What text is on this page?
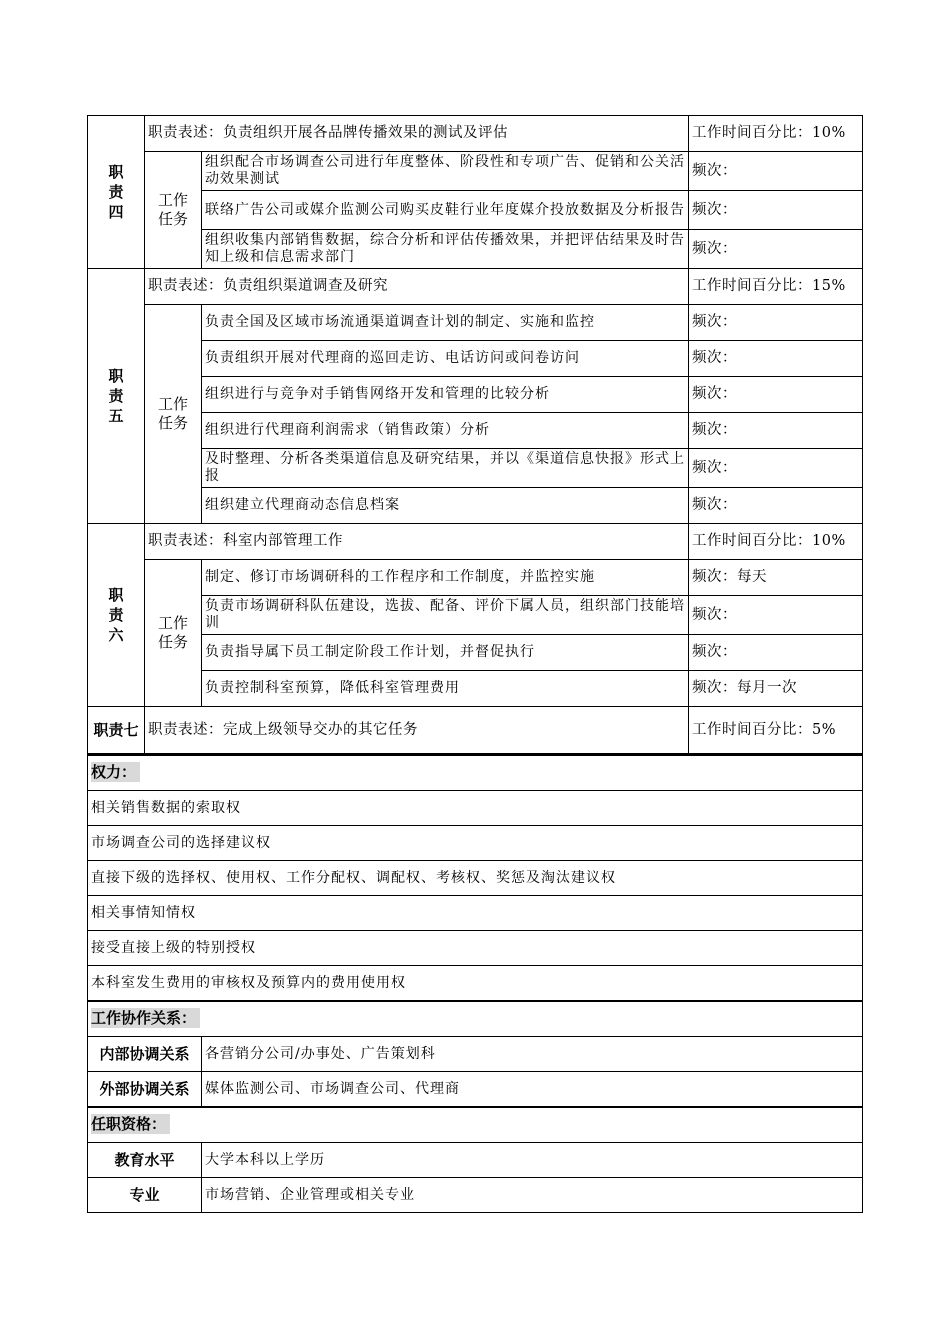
职责四	职责表述：负责组织开展各品牌传播效果的测试及评估		工作时间百分比：10%
	工作任务	组织配合市场调查公司进行年度整体、阶段性和专项广告、促销和公关活动效果测试	频次：
		联络广告公司或媒介监测公司购买皮鞋行业年度媒介投放数据及分析报告	频次：
		组织收集内部销售数据，综合分析和评估传播效果，并把评估结果及时告知上级和信息需求部门	频次：
职责五	职责表述：负责组织渠道调查及研究		工作时间百分比：15%
	工作任务	负责全国及区域市场流通渠道调查计划的制定、实施和监控	频次：
		负责组织开展对代理商的巡回走访、电话访问或问卷访问	频次：
		组织进行与竞争对手销售网络开发和管理的比较分析	频次：
		组织进行代理商利润需求（销售政策）分析	频次：
		及时整理、分析各类渠道信息及研究结果，并以《渠道信息快报》形式上报	频次：
		组织建立代理商动态信息档案	频次：
职责六	职责表述：科室内部管理工作		工作时间百分比：10%
	工作任务	制定、修订市场调研科的工作程序和工作制度，并监控实施	频次：每天
		负责市场调研科队伍建设，选拔、配备、评价下属人员，组织部门技能培训	频次：
		负责指导属下员工制定阶段工作计划，并督促执行	频次：
		负责控制科室预算，降低科室管理费用	频次：每月一次
职责七	职责表述：完成上级领导交办的其它任务		工作时间百分比：5%
权力：	
相关销售数据的索取权	
市场调查公司的选择建议权	
直接下级的选择权、使用权、工作分配权、调配权、考核权、奖惩及淘汰建议权	
相关事情知情权	
接受直接上级的特别授权	
本科室发生费用的审核权及预算内的费用使用权	
工作协作关系：	
内部协调关系	各营销分公司/办事处、广告策划科
外部协调关系	媒体监测公司、市场调查公司、代理商
任职资格：	
教育水平	大学本科以上学历
专业	市场营销、企业管理或相关专业
